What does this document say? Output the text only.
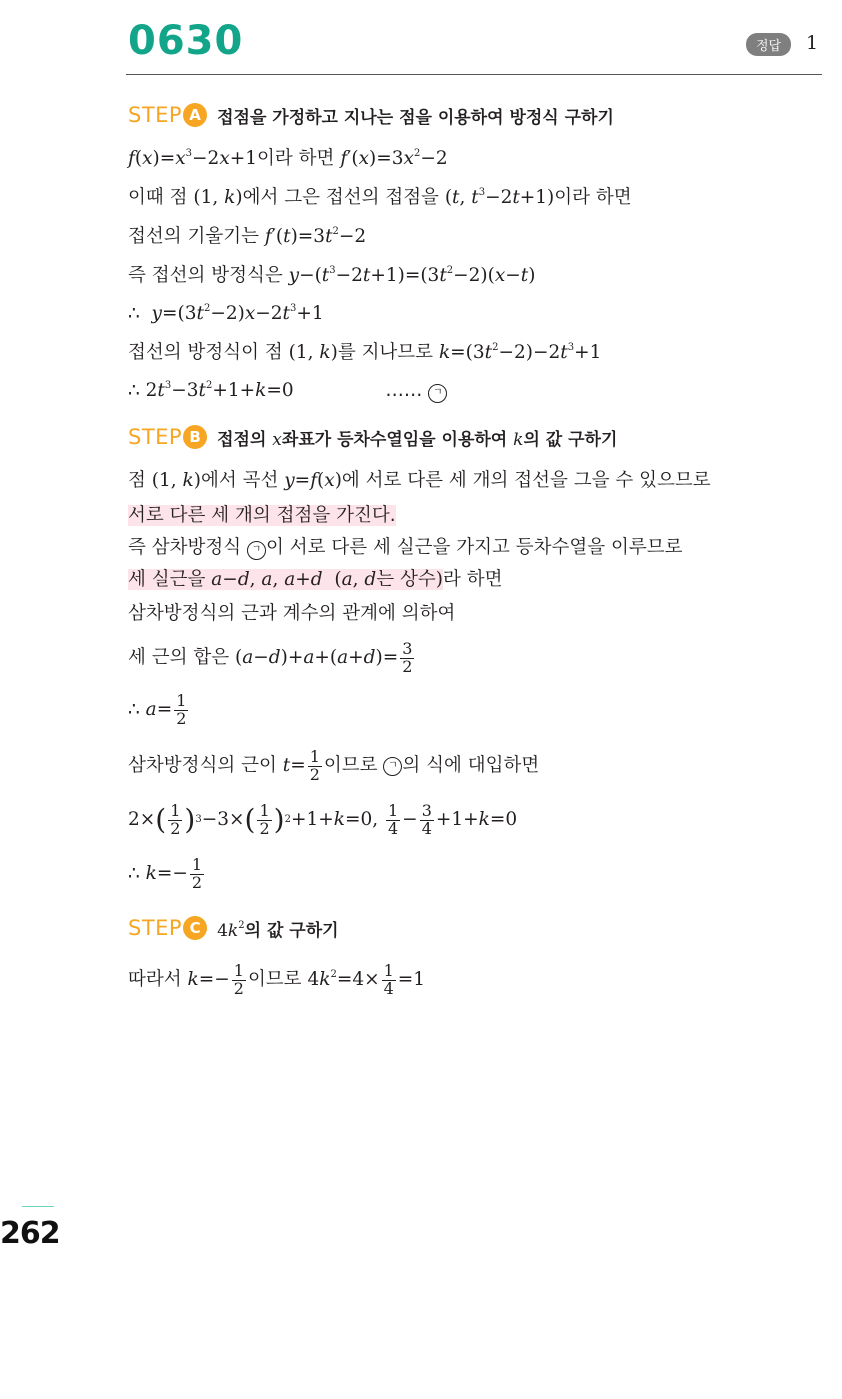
0630	정답	1
STEP A 접점을 가정하고 지나는 점을 이용하여 방정식 구하기
$f(x)=x^3-2x+1$이라 하면 $f'(x)=3x^2-2$
이때 점 (1, k)에서 그은 접선의 접점을 (t, $t^3-2t+1$)이라 하면
접선의 기울기는 $f'(t)=3t^2-2$
즉 접선의 방정식은 $y-(t^3-2t+1)=(3t^2-2)(x-t)$
∴  $y=(3t^2-2)x-2t^3+1$
접선의 방정식이 점 (1, k)를 지나므로 $k=(3t^2-2)-2t^3+1$
∴ $2t^3-3t^2+1+k=0$	…… ㄱ
STEP B 접점의 x좌표가 등차수열임을 이용하여 k의 값 구하기
점 (1, k)에서 곡선 y=f(x)에 서로 다른 세 개의 접선을 그을 수 있으므로
서로 다른 세 개의 접점을 가진다.
즉 삼차방정식 ㄱ 이 서로 다른 세 실근을 가지고 등차수열을 이루므로
세 실근을 a−d, a, a+d  (a, d는 상수)라 하면
삼차방정식의 근과 계수의 관계에 의하여
세 근의 합은
$(a-d)+a+(a+d)= \frac{3}{2}$
∴ $a= \frac{1}{2}$
삼차방정식의 근이
$t= \frac{1}{2}$ 이므로
	ㄱ 의 식에 대입하면
2× ( $\frac{1}{2}$ ) 3 −3× ( $\frac{1}{2}$ ) 2 +1+k=0, $\frac{1}{4} - \frac{3}{4} +1+k=0$
∴ $k=- \frac{1}{2}$
STEP C $4k^2$의 값 구하기
따라서
$k=- \frac{1}{2}$ 이므로
$4k^2=4\times \frac{1}{4} =1$
262
